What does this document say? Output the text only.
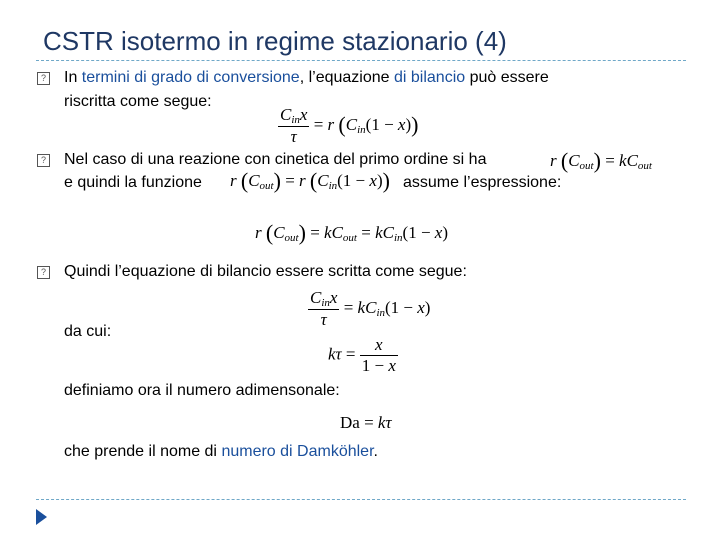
CSTR isotermo in regime stazionario (4)
? In termini di grado di conversione, l’equazione di bilancio può essere
riscritta come segue:
$\frac{C_{in}x}{\tau} = r$ $(C_{in}(1 - x))$
? Nel caso di una reazione con cinetica del primo ordine si ha	r $(C_{out}) = kC_{out}$
e quindi la funzione r $(C_{out}) = r$ $(C_{in}(1 - x))$ assume l’espressione:
r $(C_{out}) = kC_{out} = kC_{in}(1 - x)$
? Quindi l’equazione di bilancio essere scritta come segue:
$\frac{C_{in}x}{\tau} = kC_{in}(1 - x)$
da cui:
$k\tau = \frac{x}{1 - x}$
definiamo ora il numero adimensonale:
Da = kτ
che prende il nome di numero di Damköhler.
